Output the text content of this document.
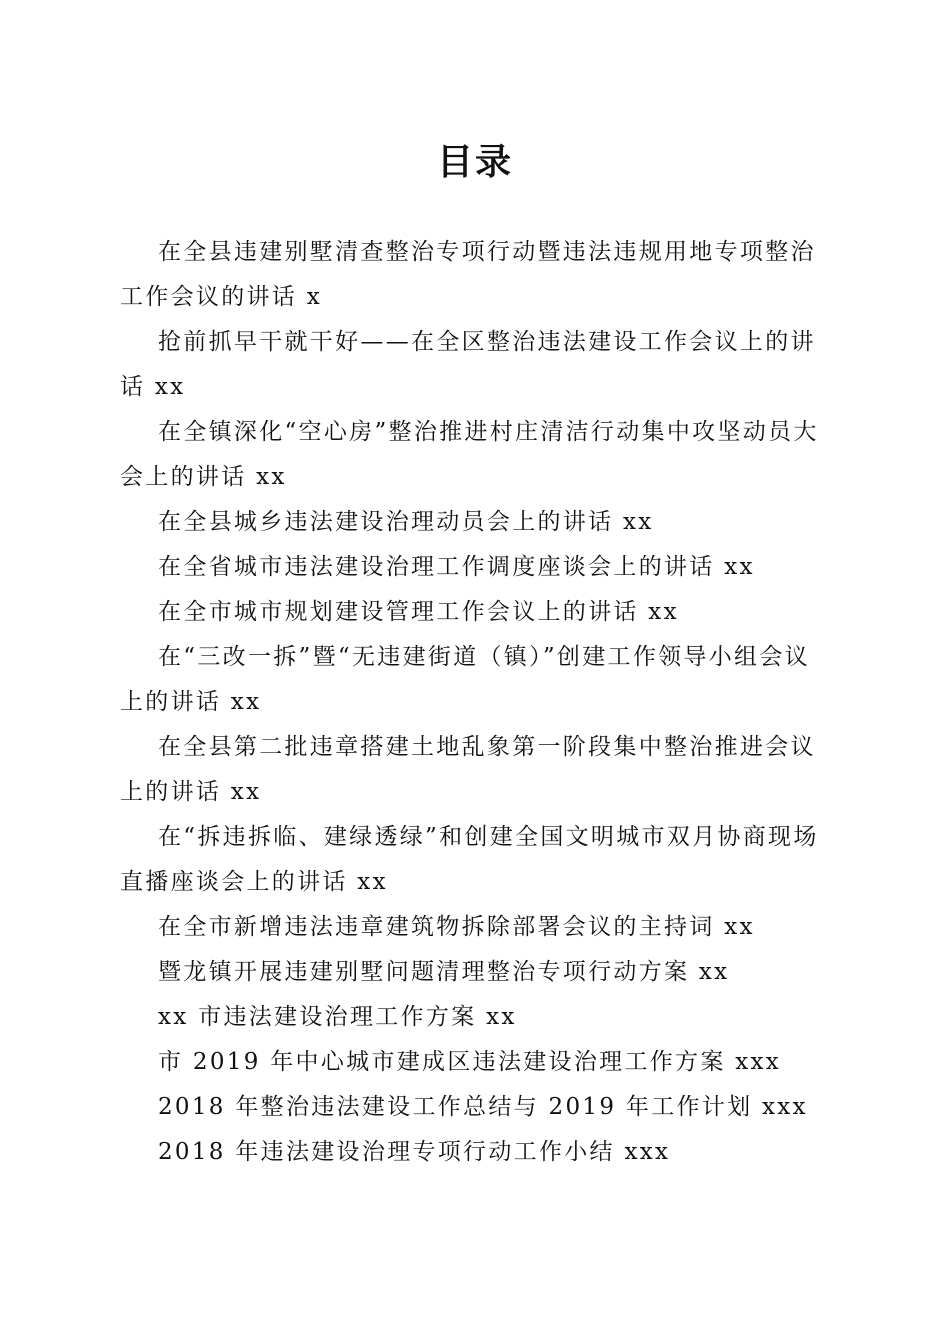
目录
在全县违建别墅清查整治专项行动暨违法违规用地专项整治工作会议的讲话 x
抢前抓早干就干好——在全区整治违法建设工作会议上的讲话 xx
在全镇深化“空心房”整治推进村庄清洁行动集中攻坚动员大会上的讲话 xx
在全县城乡违法建设治理动员会上的讲话 xx
在全省城市违法建设治理工作调度座谈会上的讲话 xx
在全市城市规划建设管理工作会议上的讲话 xx
在“三改一拆”暨“无违建街道（镇）”创建工作领导小组会议上的讲话 xx
在全县第二批违章搭建土地乱象第一阶段集中整治推进会议上的讲话 xx
在“拆违拆临、建绿透绿”和创建全国文明城市双月协商现场直播座谈会上的讲话 xx
在全市新增违法违章建筑物拆除部署会议的主持词 xx
暨龙镇开展违建别墅问题清理整治专项行动方案 xx
xx 市违法建设治理工作方案 xx
市 2019 年中心城市建成区违法建设治理工作方案 xxx
2018 年整治违法建设工作总结与 2019 年工作计划 xxx
2018 年违法建设治理专项行动工作小结 xxx
